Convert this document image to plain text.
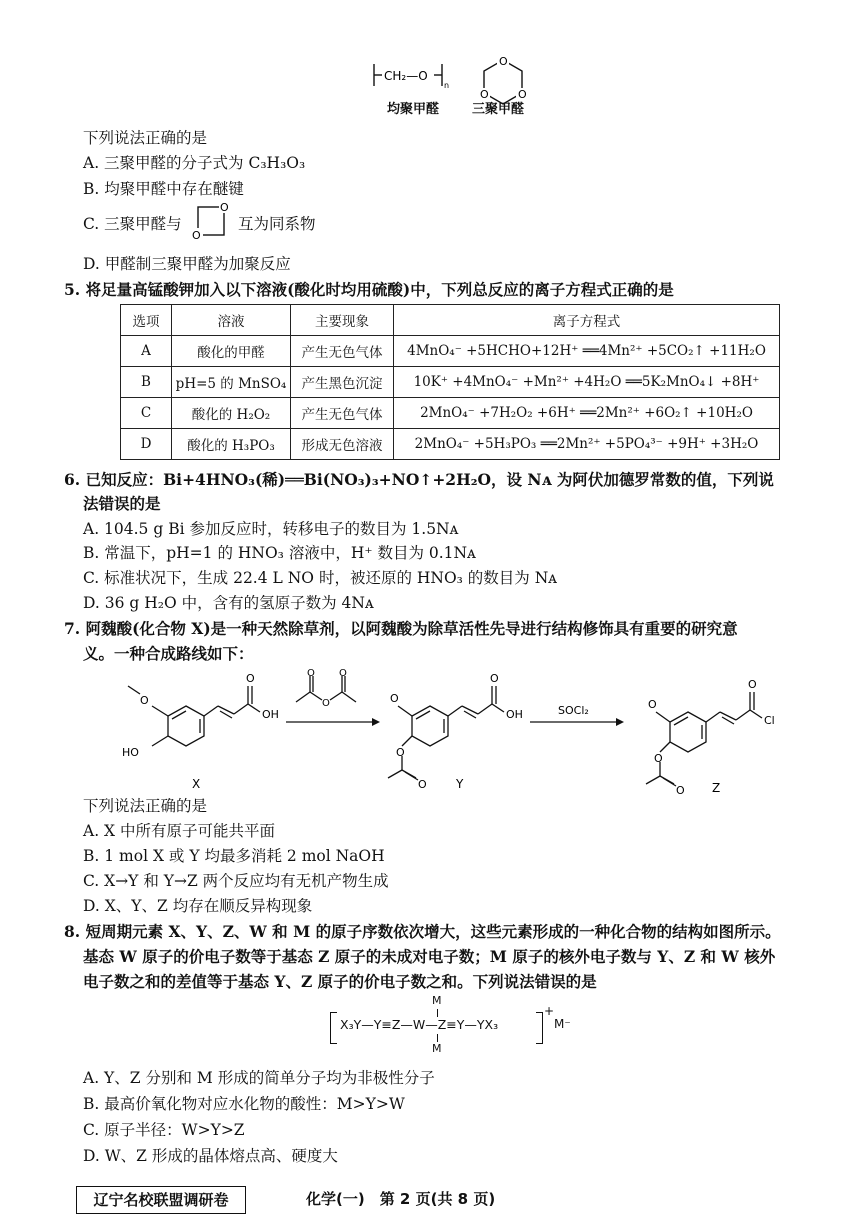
CH₂—O
n
O
O	O
均聚甲醛	三聚甲醛
下列说法正确的是
A. 三聚甲醛的分子式为 C₃H₃O₃
B. 均聚甲醛中存在醚键
C. 三聚甲醛与
O
O
互为同系物
D. 甲醛制三聚甲醛为加聚反应
5. 将足量高锰酸钾加入以下溶液(酸化时均用硫酸)中，下列总反应的离子方程式正确的是
选项	溶液	主要现象	离子方程式
A	酸化的甲醛	产生无色气体	4MnO₄⁻ +5HCHO+12H⁺ ══4Mn²⁺ +5CO₂↑ +11H₂O
B	pH=5 的 MnSO₄	产生黑色沉淀	10K⁺ +4MnO₄⁻ +Mn²⁺ +4H₂O ══5K₂MnO₄↓ +8H⁺
C	酸化的 H₂O₂	产生无色气体	2MnO₄⁻ +7H₂O₂ +6H⁺ ══2Mn²⁺ +6O₂↑ +10H₂O
D	酸化的 H₃PO₃	形成无色溶液	2MnO₄⁻ +5H₃PO₃ ══2Mn²⁺ +5PO₄³⁻ +9H⁺ +3H₂O
6. 已知反应：Bi+4HNO₃(稀)══Bi(NO₃)₃+NO↑+2H₂O，设 Nᴀ 为阿伏加德罗常数的值，下列说
法错误的是
A. 104.5 g Bi 参加反应时，转移电子的数目为 1.5Nᴀ
B. 常温下，pH=1 的 HNO₃ 溶液中，H⁺ 数目为 0.1Nᴀ
C. 标准状况下，生成 22.4 L NO 时，被还原的 HNO₃ 的数目为 Nᴀ
D. 36 g H₂O 中，含有的氢原子数为 4Nᴀ
7. 阿魏酸(化合物 X)是一种天然除草剂，以阿魏酸为除草活性先导进行结构修饰具有重要的研究意
义。一种合成路线如下：
O
O
OH
HO
X
O
O O
O
O
O
O
OH
Y
SOCl₂	O
O
O
O
Cl
Z
下列说法正确的是
A. X 中所有原子可能共平面
B. 1 mol X 或 Y 均最多消耗 2 mol NaOH
C. X→Y 和 Y→Z 两个反应均有无机产物生成
D. X、Y、Z 均存在顺反异构现象
8. 短周期元素 X、Y、Z、W 和 M 的原子序数依次增大，这些元素形成的一种化合物的结构如图所示。
基态 W 原子的价电子数等于基态 Z 原子的未成对电子数；M 原子的核外电子数与 Y、Z 和 W 核外
电子数之和的差值等于基态 Y、Z 原子的价电子数之和。下列说法错误的是
X₃Y—Y≡Z—W—Z≡Y—YX₃
M
M
+
M⁻
A. Y、Z 分别和 M 形成的简单分子均为非极性分子
B. 最高价氧化物对应水化物的酸性：M>Y>W
C. 原子半径：W>Y>Z
D. W、Z 形成的晶体熔点高、硬度大
辽宁名校联盟调研卷	化学(一)　第 2 页(共 8 页)
